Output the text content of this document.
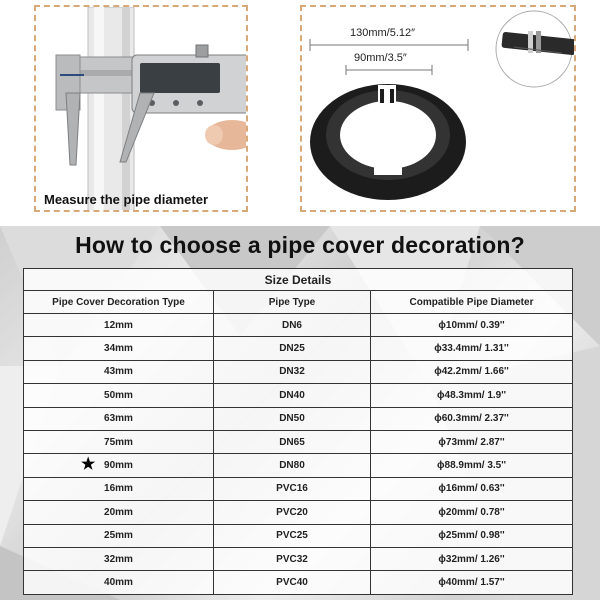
Measure the pipe diameter
130mm/5.12″
90mm/3.5″
How to choose a pipe cover decoration?
Size Details		
Pipe Cover Decoration Type	Pipe Type	Compatible Pipe Diameter
12mm	DN6	ϕ10mm/ 0.39''
34mm	DN25	ϕ33.4mm/ 1.31''
43mm	DN32	ϕ42.2mm/ 1.66''
50mm	DN40	ϕ48.3mm/ 1.9''
63mm	DN50	ϕ60.3mm/ 2.37''
75mm	DN65	ϕ73mm/ 2.87''

★ 90mm	DN80	ϕ88.9mm/ 3.5''
16mm	PVC16	ϕ16mm/ 0.63''
20mm	PVC20	ϕ20mm/ 0.78''
25mm	PVC25	ϕ25mm/ 0.98''
32mm	PVC32	ϕ32mm/ 1.26''
40mm	PVC40	ϕ40mm/ 1.57''
